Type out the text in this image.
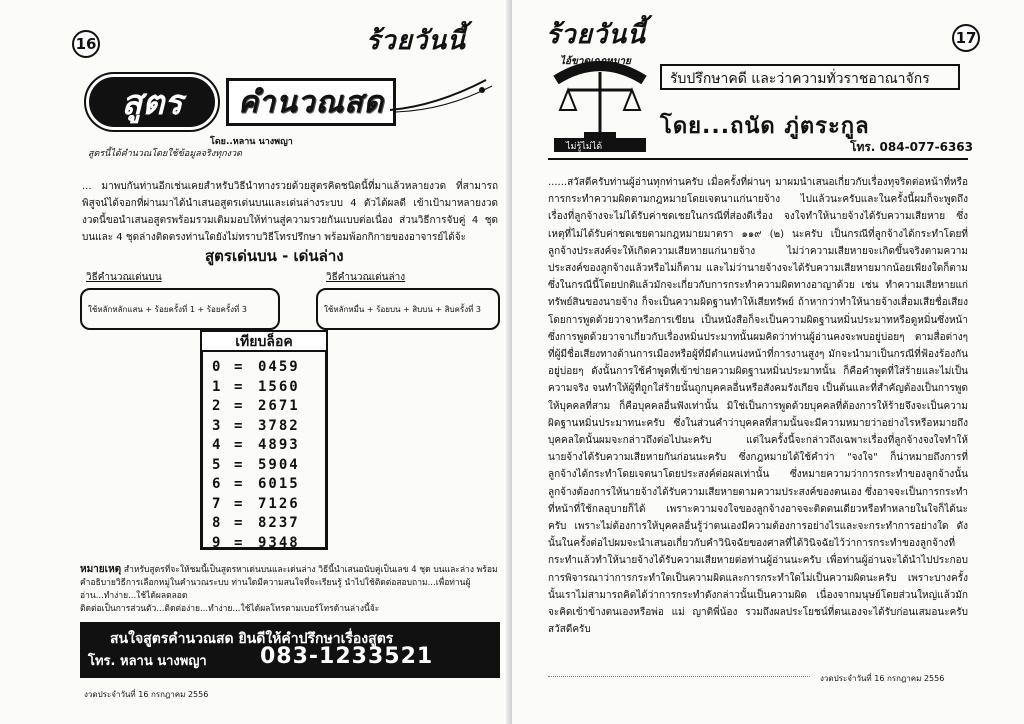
16	ร้วยวันนี้
สูตร	คำนวณสด
โดย..หลาน นางพญา
สูตรนี้ได้คำนวณโดยใช้ข้อมูลจริงทุกงวด
... มาพบกันท่านอีกเช่นเคยสำหรับวิธีนำทางรวยด้วยสูตรคิดชนิดนี้ที่มาแล้วหลายงวด ที่สามารถพิสูจน์ได้จอกที่ผ่านมาได้นำเสนอสูตรเด่นบนและเด่นล่างระบบ 4 ตัวได้ผลดี เข้าเป้ามาหลายงวดงวดนี้ขอนำเสนอสูตรพร้อมรวมเติมมอบให้ท่านสู่ความรวยกันแบบต่อเนื่อง ส่วนวิธีการจับคู่ 4 ชุดบนและ 4 ชุดล่างติดตรงท่านใดยังไม่ทราบวิธีโทรปรึกษา พร้อมพ้อกกิกายของอาจารย์ได้จ้ะ
สูตรเด่นบน - เด่นล่าง
วิธีคำนวณเด่นบน	วิธีคำนวณเด่นล่าง
ใช้หลักหลักแสน + ร้อยครั้งที่ 1 + ร้อยครั้งที่ 3	ใช้หลักหมื่น + ร้อยบน + สิบบน + สิบครั้งที่ 3
เทียบล็อค
0 =	0459
1 =	1560
2 =	2671
3 =	3782
4 =	4893
5 =	5904
6 =	6015
7 =	7126
8 =	8237
9 =	9348
หมายเหตุ สำหรับสูตรที่จะให้ชมนี้เป็นสูตรหาเด่นบนและเด่นล่าง วิธีนี้นำเสนอนับคู่เป็นเลข 4 ชุด บนและล่าง พร้อมคำอธิบายวิธีการเลือกหมู่ในคำนวณระบบ ท่านใดมีความสนใจที่จะเรียนรู้ นำไปใช้ติดต่อสอบถาม...เพื่อท่านผู้อ่าน...ทำง่าย...ใช้ได้ผลตลอด
ติดต่อเป็นการส่วนตัว...ติดต่อง่าย...ทำง่าย...ใช้ได้ผลโทรตามเบอร์โทรด้านล่างนี้จ้ะ
สนใจสูตรคำนวณสด ยินดีให้คำปรึกษาเรื่องสูตร
โทร. หลาน นางพญา 083-1233521
งวดประจำวันที่ 16 กรกฎาคม 2556
ร้วยวันนี้	17
ไอ้ขาดเกฎหมาย
ไม่รู้ไม่ได้
รับปรึกษาคดี และว่าความทั่วราชอาณาจักร
โดย...ถนัด ภู่ตระกูล
โทร. 084-077-6363
......สวัสดีครับท่านผู้อ่านทุกท่านครับ เมื่อครั้งที่ผ่านๆ มาผมนำเสนอเกี่ยวกับเรื่องทุจริตต่อหน้าที่หรือการกระทำความผิดตามกฎหมายโดยเจตนาแก่นายจ้าง ไปแล้วนะครับและในครั้งนี้ผมก็จะพูดถึงเรื่องที่ลูกจ้างจะไม่ได้รับค่าชดเชยในกรณีที่ส่องดีเรื่อง จงใจทำให้นายจ้างได้รับความเสียหาย ซึ่งเหตุที่ไม่ได้รับค่าชดเชยตามกฎหมายมาตรา ๑๑๙ (๒) นะครับ เป็นกรณีที่ลูกจ้างได้กระทำโดยที่ลูกจ้างประสงค์จะให้เกิดความเสียหายแก่นายจ้าง ไม่ว่าความเสียหายจะเกิดขึ้นจริงตามความประสงค์ของลูกจ้างแล้วหรือไม่ก็ตาม และไม่ว่านายจ้างจะได้รับความเสียหายมากน้อยเพียงใดก็ตาม ซึ่งในกรณีนี้โดยปกติแล้วมักจะเกี่ยวกับการกระทำความผิดทางอาญาด้วย เช่น ทำความเสียหายแก่ทรัพย์สินของนายจ้าง ก็จะเป็นความผิดฐานทำให้เสียทรัพย์ ถ้าหากว่าทำให้นายจ้างเสื่อมเสียชื่อเสียงโดยการพูดด้วยวาจาหรือการเขียน เป็นหนังสือก็จะเป็นความผิดฐานหมิ่นประมาทหรือดูหมิ่นซึ่งหน้า ซึ่งการพูดด้วยวาจาเกี่ยวกับเรื่องหมิ่นประมาทนั้นผมคิดว่าท่านผู้อ่านคงจะพบอยู่บ่อยๆ ตามสื่อต่างๆ ที่ผู้มีชื่อเสียงทางด้านการเมืองหรือผู้ที่มีตำแหน่งหน้าที่การงานสูงๆ มักจะนำมาเป็นกรณีที่ฟ้องร้องกันอยู่บ่อยๆ ดังนั้นการใช้คำพูดที่เข้าข่ายความผิดฐานหมิ่นประมาทนั้น ก็คือคำพูดที่ใส่ร้ายและไม่เป็นความจริง จนทำให้ผู้ที่ถูกใส่ร้ายนั้นถูกบุคคลอื่นหรือสังคมรังเกียจ เป็นต้นและที่สำคัญต้องเป็นการพูดให้บุคคลที่สาม ก็คือบุคคลอื่นฟังเท่านั้น มิใช่เป็นการพูดด้วยบุคคลที่ต้องการให้ร้ายจึงจะเป็นความผิดฐานหมิ่นประมาทนะครับ ซึ่งในส่วนคำว่าบุคคลที่สามนั้นจะมีความหมายว่าอย่างไรหรือหมายถึงบุคคลใดนั้นผมจะกล่าวถึงต่อไปนะครับ แต่ในครั้งนี้จะกล่าวถึงเฉพาะเรื่องที่ลูกจ้างจงใจทำให้นายจ้างได้รับความเสียหายกันก่อนนะครับ ซึ่งกฎหมายได้ใช้คำว่า "จงใจ" ก็น่าหมายถึงการที่ลูกจ้างได้กระทำโดยเจตนาโดยประสงค์ต่อผลเท่านั้น ซึ่งหมายความว่าการกระทำของลูกจ้างนั้น ลูกจ้างต้องการให้นายจ้างได้รับความเสียหายตามความประสงค์ของตนเอง ซึ่งอาจจะเป็นการกระทำที่หน้าที่ใช้กลอุบายก็ได้ เพราะความจงใจของลูกจ้างอาจจะติดตนเดียวหรือทำหลายในใจก็ได้นะครับ เพราะไม่ต้องการให้บุคคลอื่นรู้ว่าตนเองมีความต้องการอย่างไรและจะกระทำการอย่างใด ดังนั้นในครั้งต่อไปผมจะนำเสนอเกี่ยวกับคำวินิจฉัยของศาลที่ได้วินิจฉัยไว้ว่าการกระทำของลูกจ้างที่กระทำแล้วทำให้นายจ้างได้รับความเสียหายต่อท่านผู้อ่านนะครับ เพื่อท่านผู้อ่านจะได้นำไปประกอบการพิจารณาว่าการกระทำใดเป็นความผิดและการกระทำใดไม่เป็นความผิดนะครับ เพราะบางครั้งนั้นเราไม่สามารถคิดได้ว่าการกระทำดังกล่าวนั้นเป็นความผิด เนื่องจากมนุษย์โดยส่วนใหญ่แล้วมักจะคิดเข้าข้างตนเองหรือพ่อ แม่ ญาติพี่น้อง รวมถึงผลประโยชน์ที่ตนเองจะได้รับก่อนเสมอนะครับ สวัสดีครับ
งวดประจำวันที่ 16 กรกฎาคม 2556
